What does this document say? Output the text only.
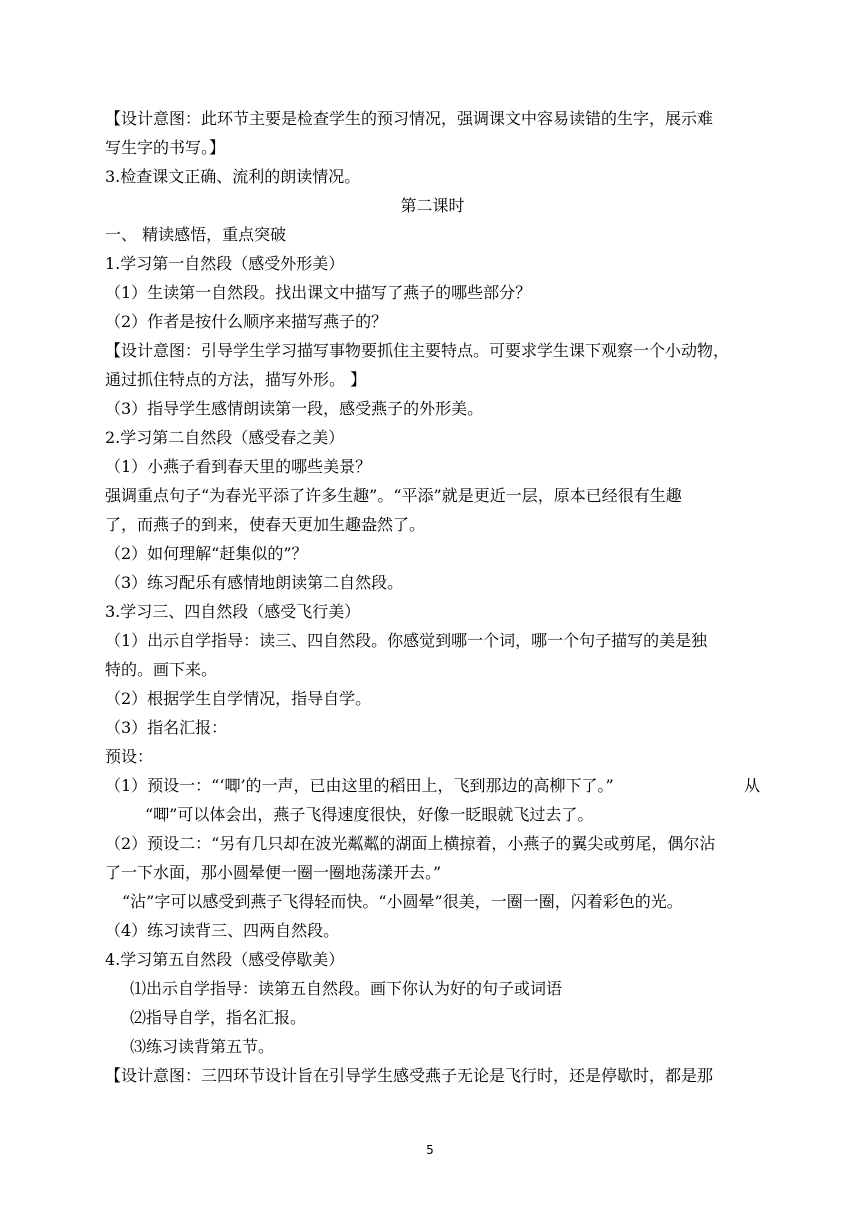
【设计意图：此环节主要是检查学生的预习情况，强调课文中容易读错的生字，展示难
写生字的书写。】
3.检查课文正确、流利的朗读情况。
第二课时
一、 精读感悟，重点突破
1.学习第一自然段（感受外形美）
（1）生读第一自然段。找出课文中描写了燕子的哪些部分？
（2）作者是按什么顺序来描写燕子的？
【设计意图：引导学生学习描写事物要抓住主要特点。可要求学生课下观察一个小动物，
通过抓住特点的方法，描写外形。 】
（3）指导学生感情朗读第一段，感受燕子的外形美。
2.学习第二自然段（感受春之美）
（1）小燕子看到春天里的哪些美景？
强调重点句子“为春光平添了许多生趣”。“平添”就是更近一层，原本已经很有生趣
了，而燕子的到来，使春天更加生趣盎然了。
（2）如何理解“赶集似的”？
（3）练习配乐有感情地朗读第二自然段。
3.学习三、四自然段（感受飞行美）
（1）出示自学指导：读三、四自然段。你感觉到哪一个词，哪一个句子描写的美是独
特的。画下来。
（2）根据学生自学情况，指导自学。
（3）指名汇报：
预设：
（1）预设一：“‘唧’的一声，已由这里的稻田上，飞到那边的高柳下了。”	从
“唧”可以体会出，燕子飞得速度很快，好像一眨眼就飞过去了。
（2）预设二：“另有几只却在波光粼粼的湖面上横掠着，小燕子的翼尖或剪尾，偶尔沾
了一下水面，那小圆晕便一圈一圈地荡漾开去。”
“沾”字可以感受到燕子飞得轻而快。“小圆晕”很美，一圈一圈，闪着彩色的光。
（4）练习读背三、四两自然段。
4.学习第五自然段（感受停歇美）
⑴出示自学指导：读第五自然段。画下你认为好的句子或词语
⑵指导自学，指名汇报。
⑶练习读背第五节。
【设计意图：三四环节设计旨在引导学生感受燕子无论是飞行时，还是停歇时，都是那
5
